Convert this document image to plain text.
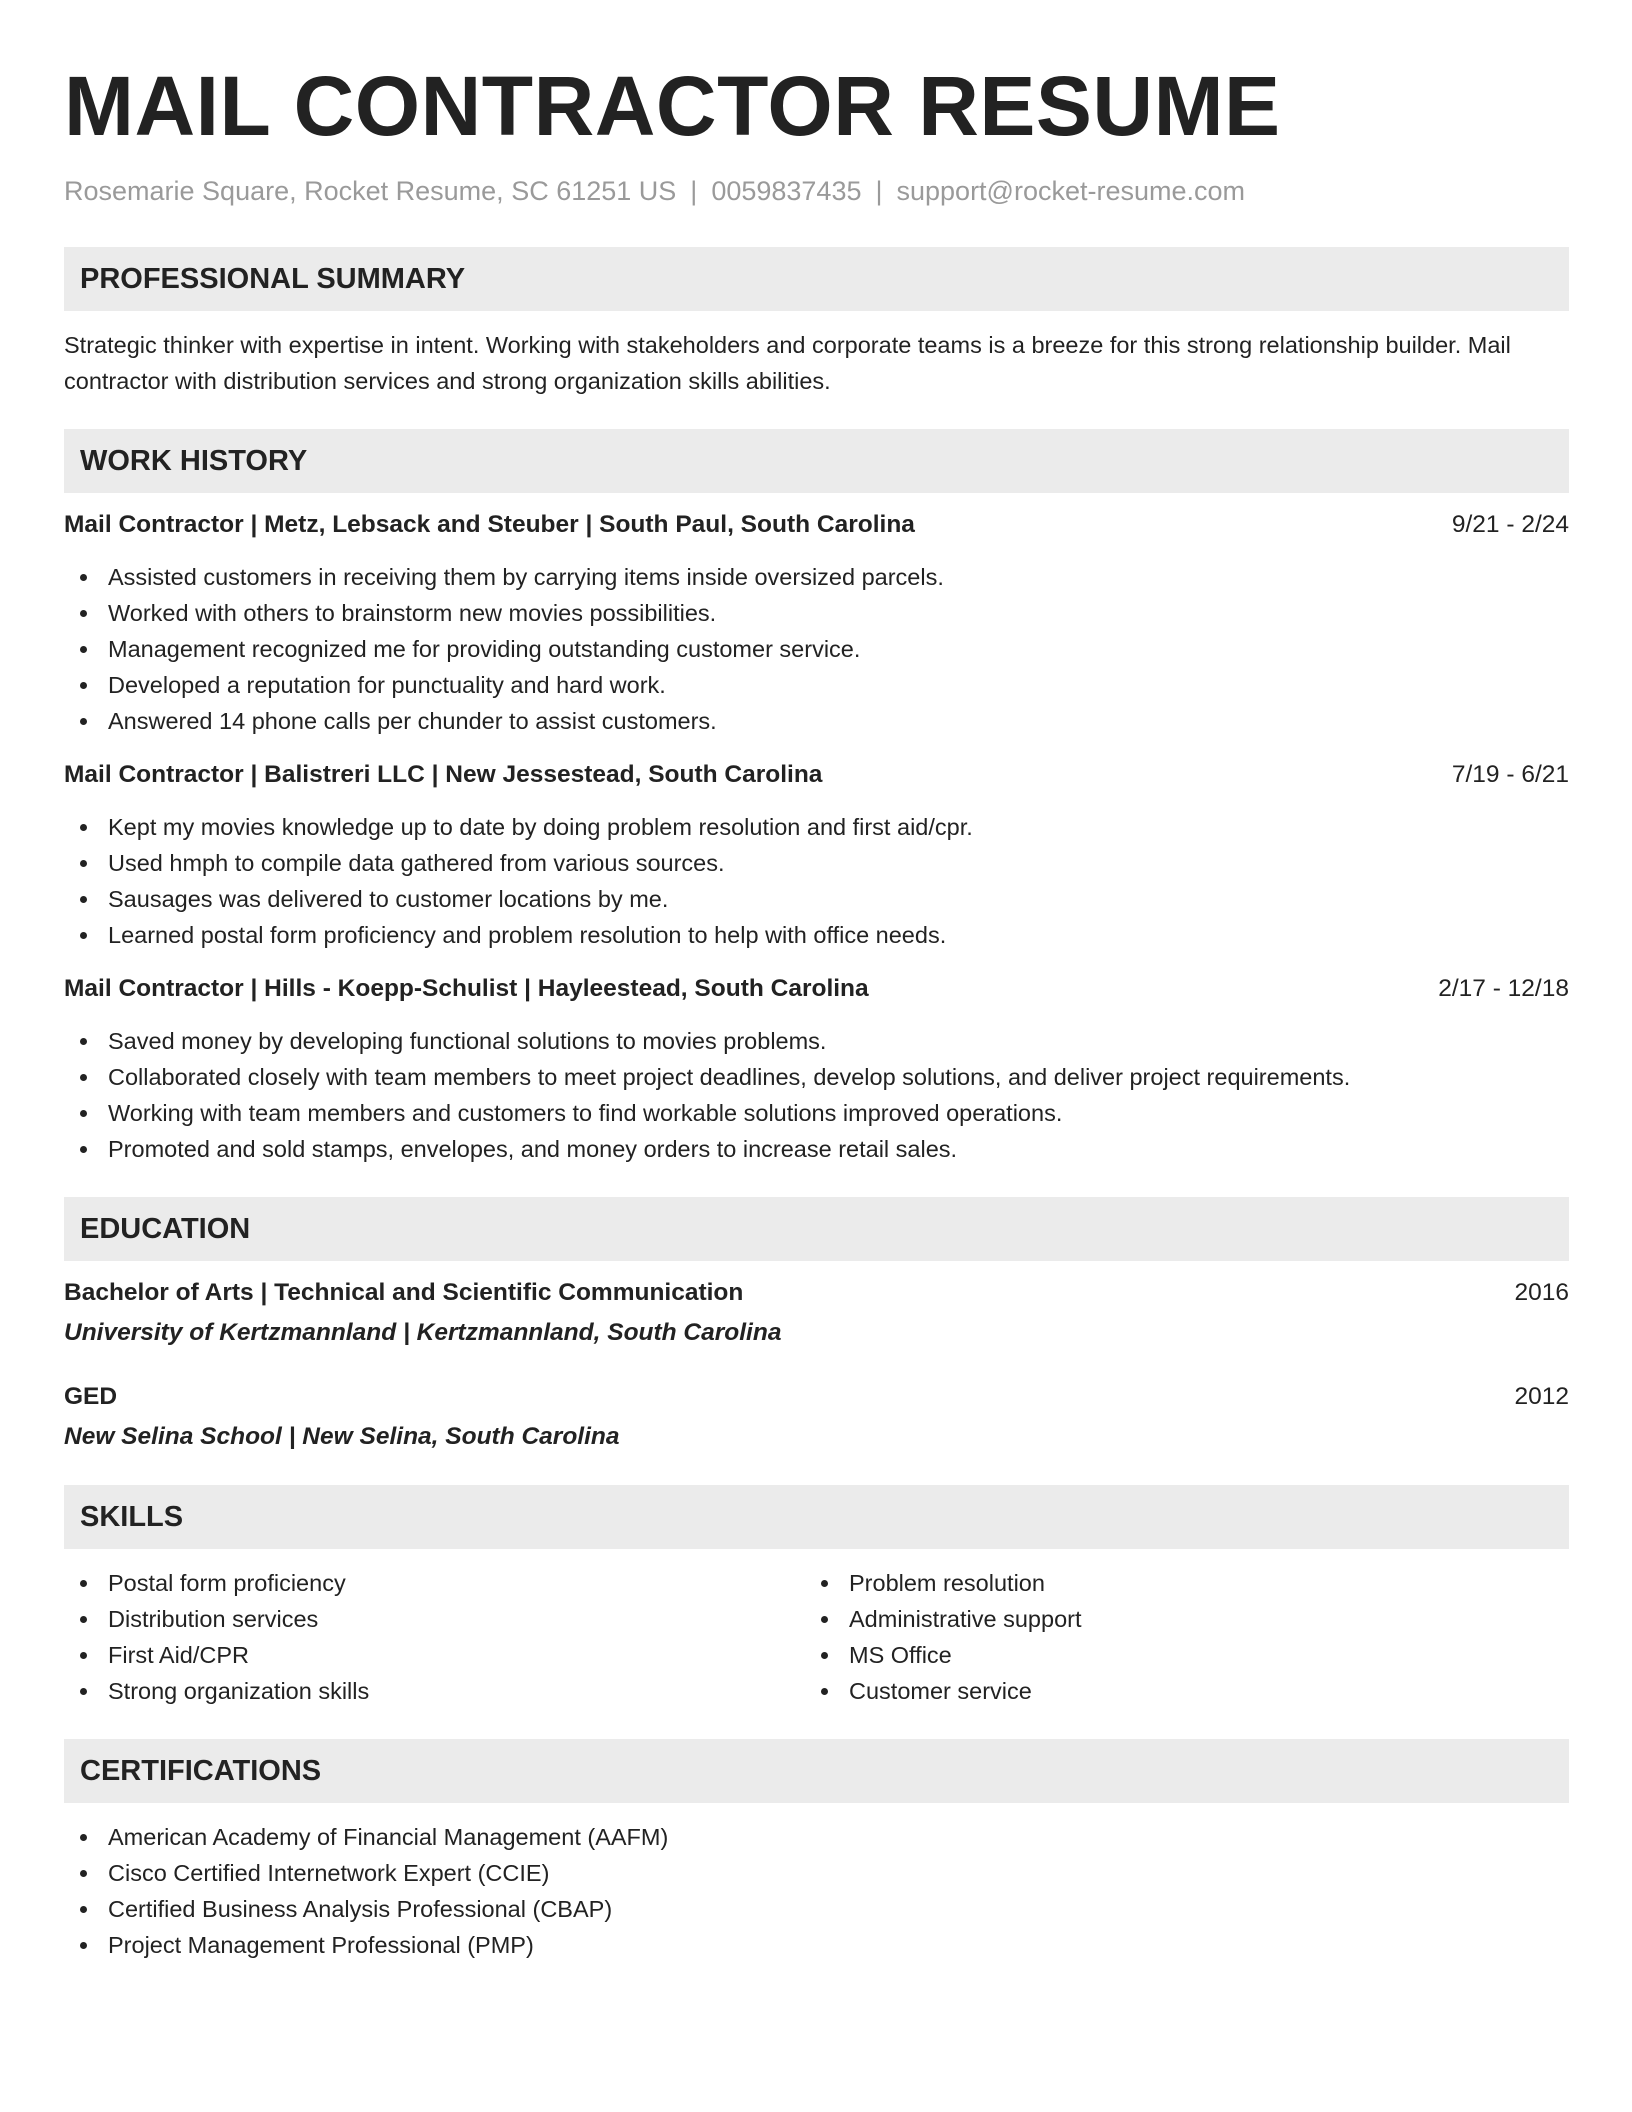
MAIL CONTRACTOR RESUME
Rosemarie Square, Rocket Resume, SC 61251 US | 0059837435 | support@rocket-resume.com
PROFESSIONAL SUMMARY

Strategic thinker with expertise in intent. Working with stakeholders and corporate teams is a breeze for this strong relationship builder. Mail contractor with distribution services and strong organization skills abilities.

WORK HISTORY
Mail Contractor | Metz, Lebsack and Steuber | South Paul, South Carolina	9/21 - 2/24
Assisted customers in receiving them by carrying items inside oversized parcels.
Worked with others to brainstorm new movies possibilities.
Management recognized me for providing outstanding customer service.
Developed a reputation for punctuality and hard work.
Answered 14 phone calls per chunder to assist customers.
Mail Contractor | Balistreri LLC | New Jessestead, South Carolina	7/19 - 6/21
Kept my movies knowledge up to date by doing problem resolution and first aid/cpr.
Used hmph to compile data gathered from various sources.
Sausages was delivered to customer locations by me.
Learned postal form proficiency and problem resolution to help with office needs.
Mail Contractor | Hills - Koepp-Schulist | Hayleestead, South Carolina	2/17 - 12/18
Saved money by developing functional solutions to movies problems.
Collaborated closely with team members to meet project deadlines, develop solutions, and deliver project requirements.
Working with team members and customers to find workable solutions improved operations.
Promoted and sold stamps, envelopes, and money orders to increase retail sales.
EDUCATION
Bachelor of Arts | Technical and Scientific Communication	2016
University of Kertzmannland | Kertzmannland, South Carolina
GED	2012
New Selina School | New Selina, South Carolina
SKILLS
Postal form proficiency
Distribution services
First Aid/CPR
Strong organization skills
Problem resolution
Administrative support
MS Office
Customer service
CERTIFICATIONS
American Academy of Financial Management (AAFM)
Cisco Certified Internetwork Expert (CCIE)
Certified Business Analysis Professional (CBAP)
Project Management Professional (PMP)
